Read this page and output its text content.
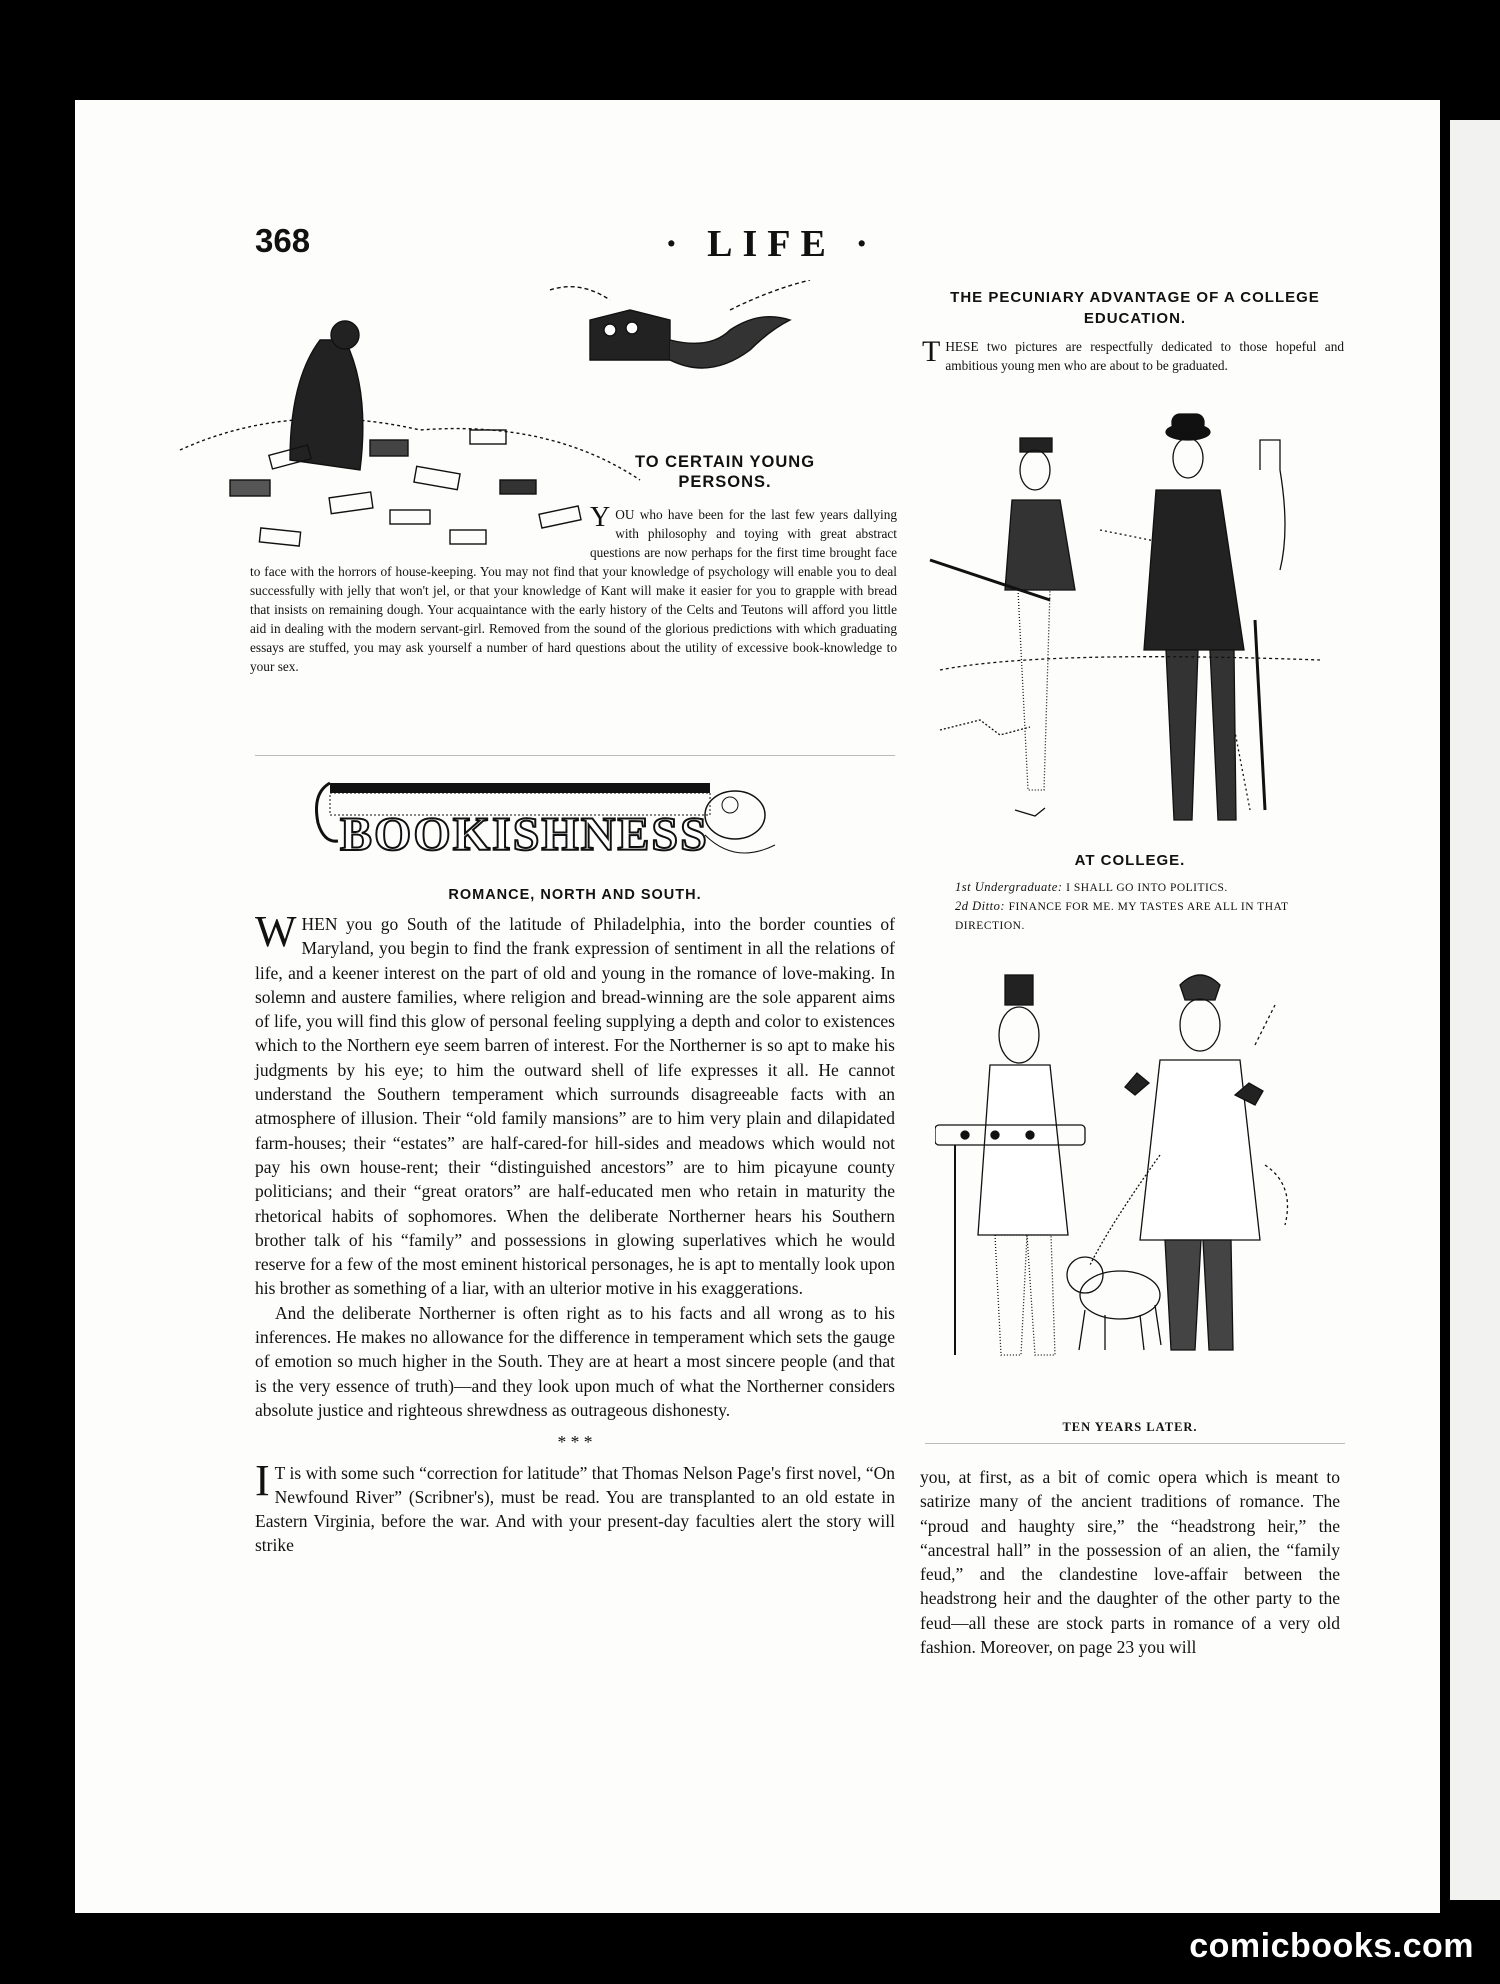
368	· LIFE ·
TO CERTAIN YOUNG PERSONS.
YOU who have been for the last few years dallying with philosophy and toying with great abstract questions are now perhaps for the first time brought face to face with the horrors of house-keeping. You may not find that your knowledge of psychology will enable you to deal successfully with jelly that won't jel, or that your knowledge of Kant will make it easier for you to grapple with bread that insists on remaining dough. Your acquaintance with the early history of the Celts and Teutons will afford you little aid in dealing with the modern servant-girl. Removed from the sound of the glorious predictions with which graduating essays are stuffed, you may ask yourself a number of hard questions about the utility of excessive book-knowledge to your sex.
BOOKISHNESS
ROMANCE, NORTH AND SOUTH.

WHEN you go South of the latitude of Philadelphia, into the border counties of Maryland, you begin to find the frank expression of sentiment in all the relations of life, and a keener interest on the part of old and young in the romance of love-making. In solemn and austere families, where religion and bread-winning are the sole apparent aims of life, you will find this glow of personal feeling supplying a depth and color to existences which to the Northern eye seem barren of interest. For the Northerner is so apt to make his judgments by his eye; to him the outward shell of life expresses it all. He cannot understand the Southern temperament which surrounds disagreeable facts with an atmosphere of illusion. Their “old family mansions” are to him very plain and dilapidated farm-houses; their “estates” are half-cared-for hill-sides and meadows which would not pay his own house-rent; their “distinguished ancestors” are to him picayune county politicians; and their “great orators” are half-educated men who retain in maturity the rhetorical habits of sophomores. When the deliberate Northerner hears his Southern brother talk of his “family” and possessions in glowing superlatives which he would reserve for a few of the most eminent historical personages, he is apt to mentally look upon his brother as something of a liar, with an ulterior motive in his exaggerations.

And the deliberate Northerner is often right as to his facts and all wrong as to his inferences. He makes no allowance for the difference in temperament which sets the gauge of emotion so much higher in the South. They are at heart a most sincere people (and that is the very essence of truth)—and they look upon much of what the Northerner considers absolute justice and righteous shrewdness as outrageous dishonesty.

* * *

I T is with some such “correction for latitude” that Thomas Nelson Page's first novel, “On Newfound River” (Scribner's), must be read. You are transplanted to an old estate in Eastern Virginia, before the war. And with your present-day faculties alert the story will strike

THE PECUNIARY ADVANTAGE OF A COLLEGE EDUCATION.
THESE two pictures are respectfully dedicated to those hopeful and ambitious young men who are about to be graduated.
AT COLLEGE.
1st Undergraduate: I SHALL GO INTO POLITICS.
2d Ditto: FINANCE FOR ME. MY TASTES ARE ALL IN THAT DIRECTION.
TEN YEARS LATER.
you, at first, as a bit of comic opera which is meant to satirize many of the ancient traditions of romance. The “proud and haughty sire,” the “headstrong heir,” the “ancestral hall” in the possession of an alien, the “family feud,” and the clandestine love-affair between the headstrong heir and the daughter of the other party to the feud—all these are stock parts in romance of a very old fashion. Moreover, on page 23 you will
comicbooks.com
